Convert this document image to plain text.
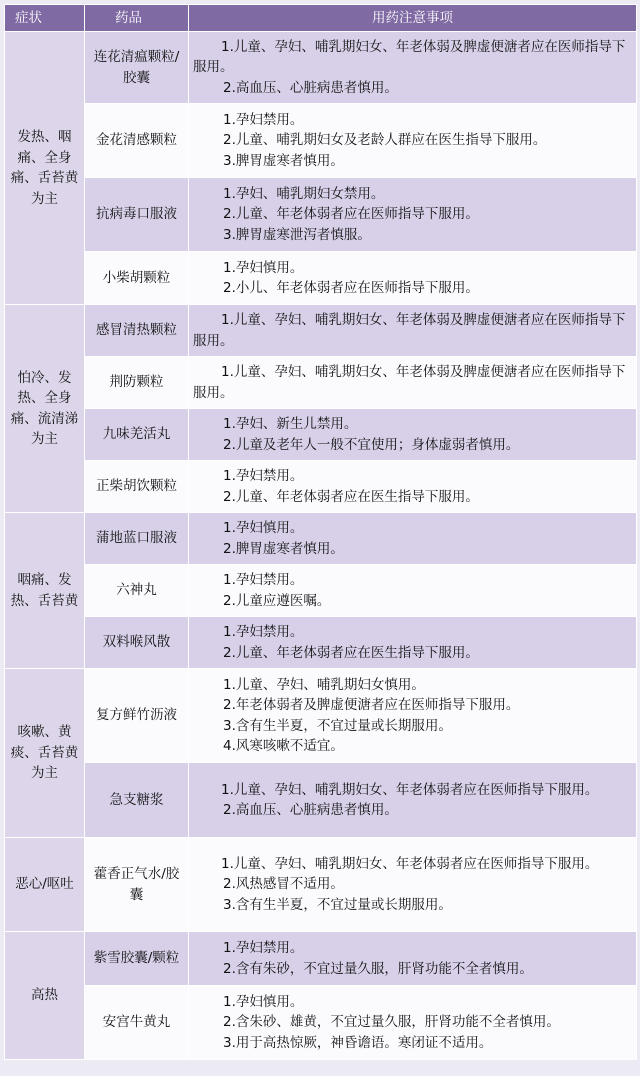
症状	药品	用药注意事项
发热、咽痛、全身痛、舌苔黄为主	连花清瘟颗粒/胶囊	1.儿童、孕妇、哺乳期妇女、年老体弱及脾虚便溏者应在医师指导下服用。
2.高血压、心脏病患者慎用。

	金花清感颗粒	1.孕妇禁用。
2.儿童、哺乳期妇女及老龄人群应在医生指导下服用。
3.脾胃虚寒者慎用。

	抗病毒口服液	1.孕妇、哺乳期妇女禁用。
2.儿童、年老体弱者应在医师指导下服用。
3.脾胃虚寒泄泻者慎服。

	小柴胡颗粒	1.孕妇慎用。
2.小儿、年老体弱者应在医师指导下服用。

怕冷、发热、全身痛、流清涕为主	感冒清热颗粒	1.儿童、孕妇、哺乳期妇女、年老体弱及脾虚便溏者应在医师指导下服用。

	荆防颗粒	1.儿童、孕妇、哺乳期妇女、年老体弱及脾虚便溏者应在医师指导下服用。

	九味羌活丸	1.孕妇、新生儿禁用。
2.儿童及老年人一般不宜使用；身体虚弱者慎用。

	正柴胡饮颗粒	1.孕妇禁用。
2.儿童、年老体弱者应在医生指导下服用。

咽痛、发热、舌苔黄	蒲地蓝口服液	1.孕妇慎用。
2.脾胃虚寒者慎用。

	六神丸	1.孕妇禁用。
2.儿童应遵医嘱。

	双料喉风散	1.孕妇禁用。
2.儿童、年老体弱者应在医生指导下服用。

咳嗽、黄痰、舌苔黄为主	复方鲜竹沥液	1.儿童、孕妇、哺乳期妇女慎用。
2.年老体弱者及脾虚便溏者应在医师指导下服用。
3.含有生半夏，不宜过量或长期服用。
4.风寒咳嗽不适宜。

	急支糖浆	1.儿童、孕妇、哺乳期妇女、年老体弱者应在医师指导下服用。
2.高血压、心脏病患者慎用。

恶心/呕吐	藿香正气水/胶囊	1.儿童、孕妇、哺乳期妇女、年老体弱者应在医师指导下服用。
2.风热感冒不适用。
3.含有生半夏，不宜过量或长期服用。

高热	紫雪胶囊/颗粒	1.孕妇禁用。
2.含有朱砂，不宜过量久服，肝肾功能不全者慎用。

	安宫牛黄丸	1.孕妇慎用。
2.含朱砂、雄黄，不宜过量久服，肝肾功能不全者慎用。
3.用于高热惊厥，神昏谵语。寒闭证不适用。
